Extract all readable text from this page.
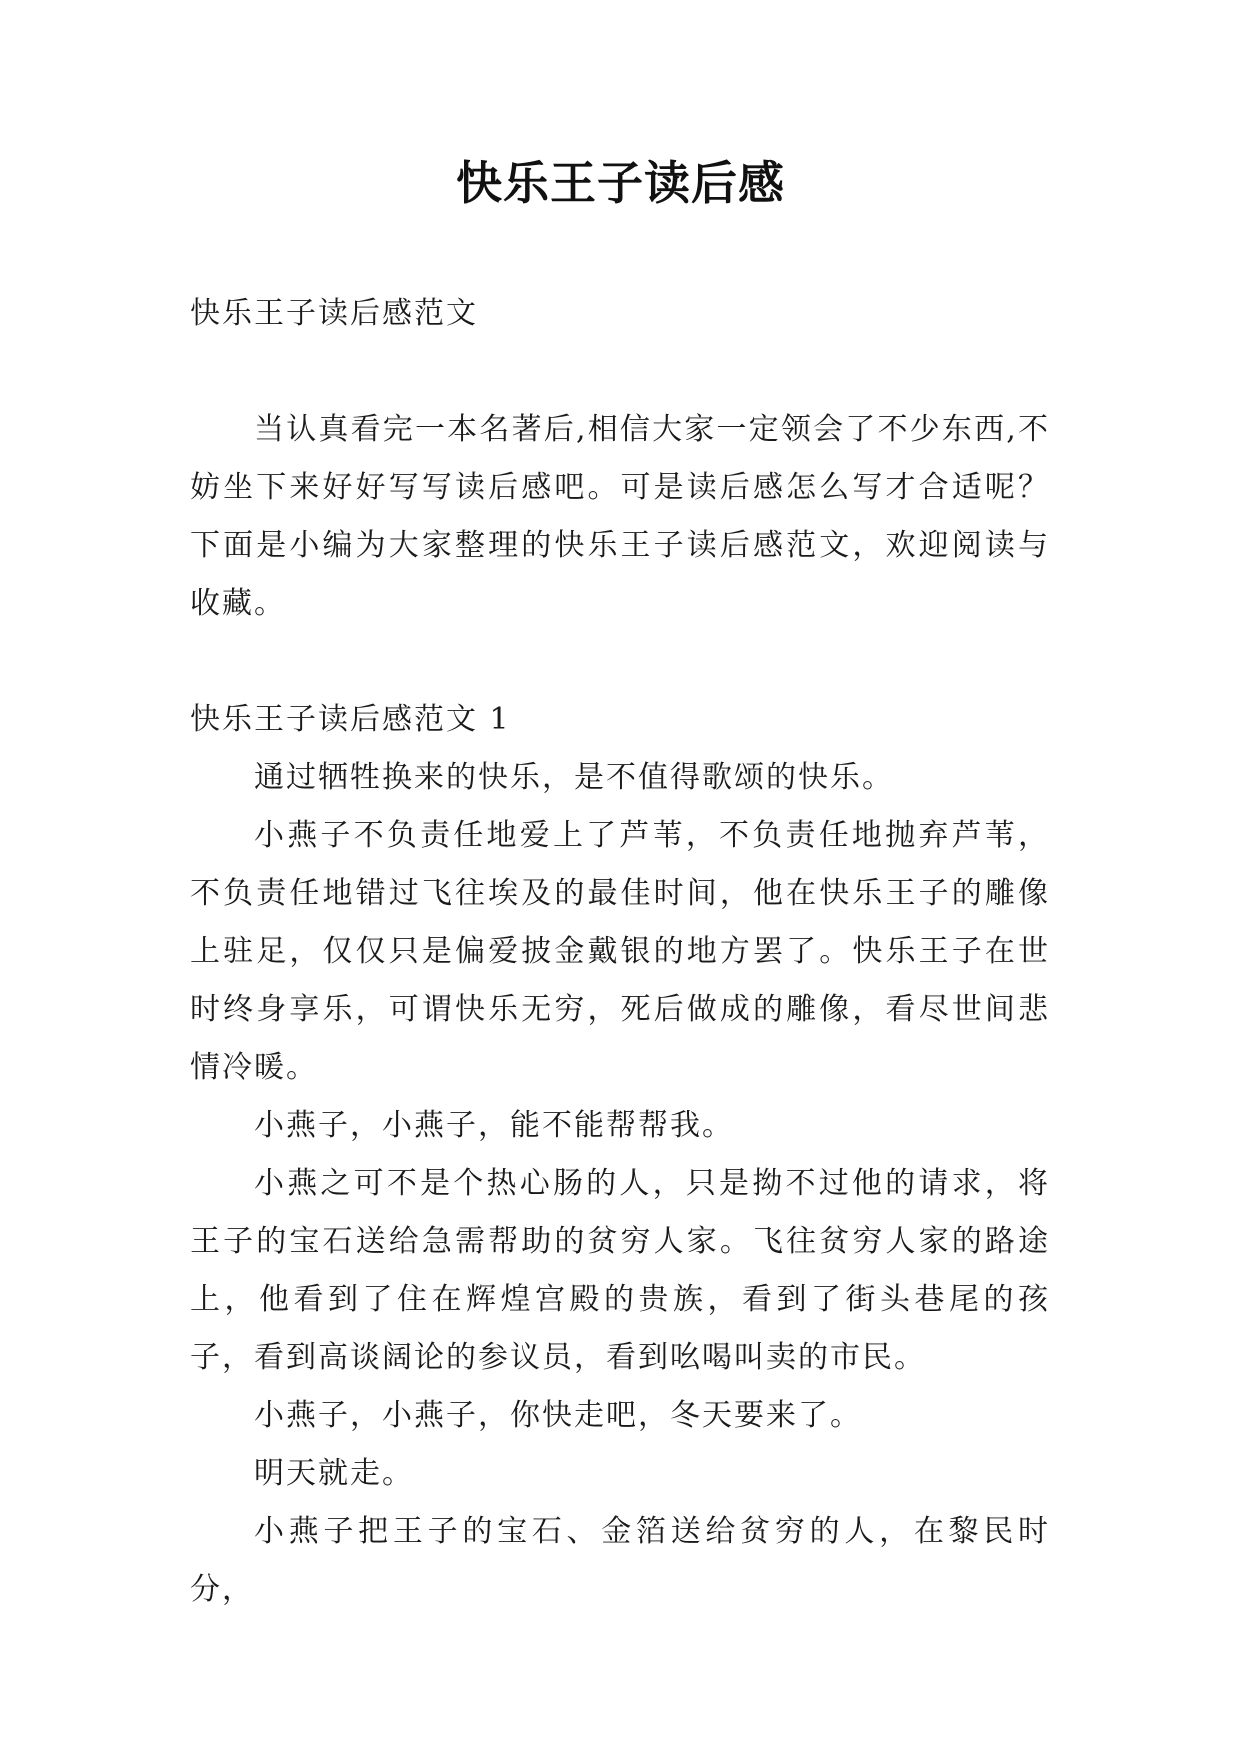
快乐王子读后感

快乐王子读后感范文

当认真看完一本名著后,相信大家一定领会了不少东西,不妨坐下来好好写写读后感吧。可是读后感怎么写才合适呢？下面是小编为大家整理的快乐王子读后感范文，欢迎阅读与收藏。

快乐王子读后感范文 1

通过牺牲换来的快乐，是不值得歌颂的快乐。

小燕子不负责任地爱上了芦苇，不负责任地抛弃芦苇，不负责任地错过飞往埃及的最佳时间，他在快乐王子的雕像上驻足，仅仅只是偏爱披金戴银的地方罢了。快乐王子在世时终身享乐，可谓快乐无穷，死后做成的雕像，看尽世间悲情冷暖。

小燕子，小燕子，能不能帮帮我。

小燕之可不是个热心肠的人，只是拗不过他的请求，将王子的宝石送给急需帮助的贫穷人家。飞往贫穷人家的路途上，他看到了住在辉煌宫殿的贵族，看到了街头巷尾的孩子，看到高谈阔论的参议员，看到吆喝叫卖的市民。

小燕子，小燕子，你快走吧，冬天要来了。

明天就走。

小燕子把王子的宝石、金箔送给贫穷的人，在黎民时分，
